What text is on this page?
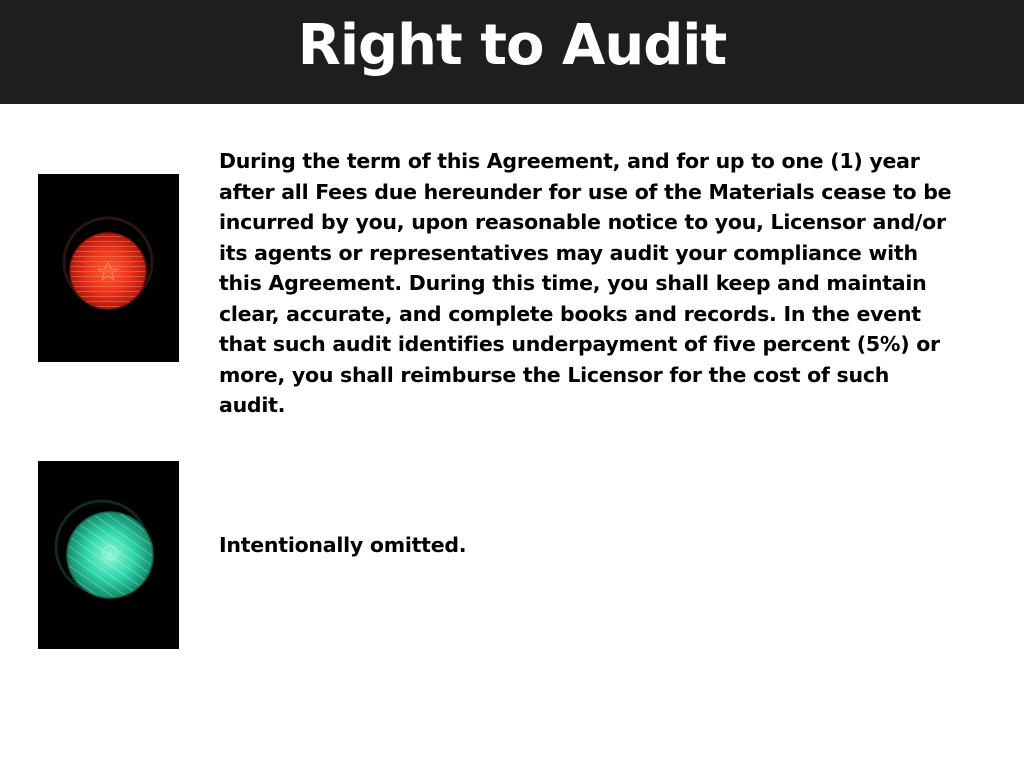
Right to Audit

During the term of this Agreement, and for up to one (1) year after all Fees due hereunder for use of the Materials cease to be incurred by you, upon reasonable notice to you, Licensor and/or its agents or representatives may audit your compliance with this Agreement. During this time, you shall keep and maintain clear, accurate, and complete books and records. In the event that such audit identifies underpayment of five percent (5%) or more, you shall reimburse the Licensor for the cost of such audit.

Intentionally omitted.
